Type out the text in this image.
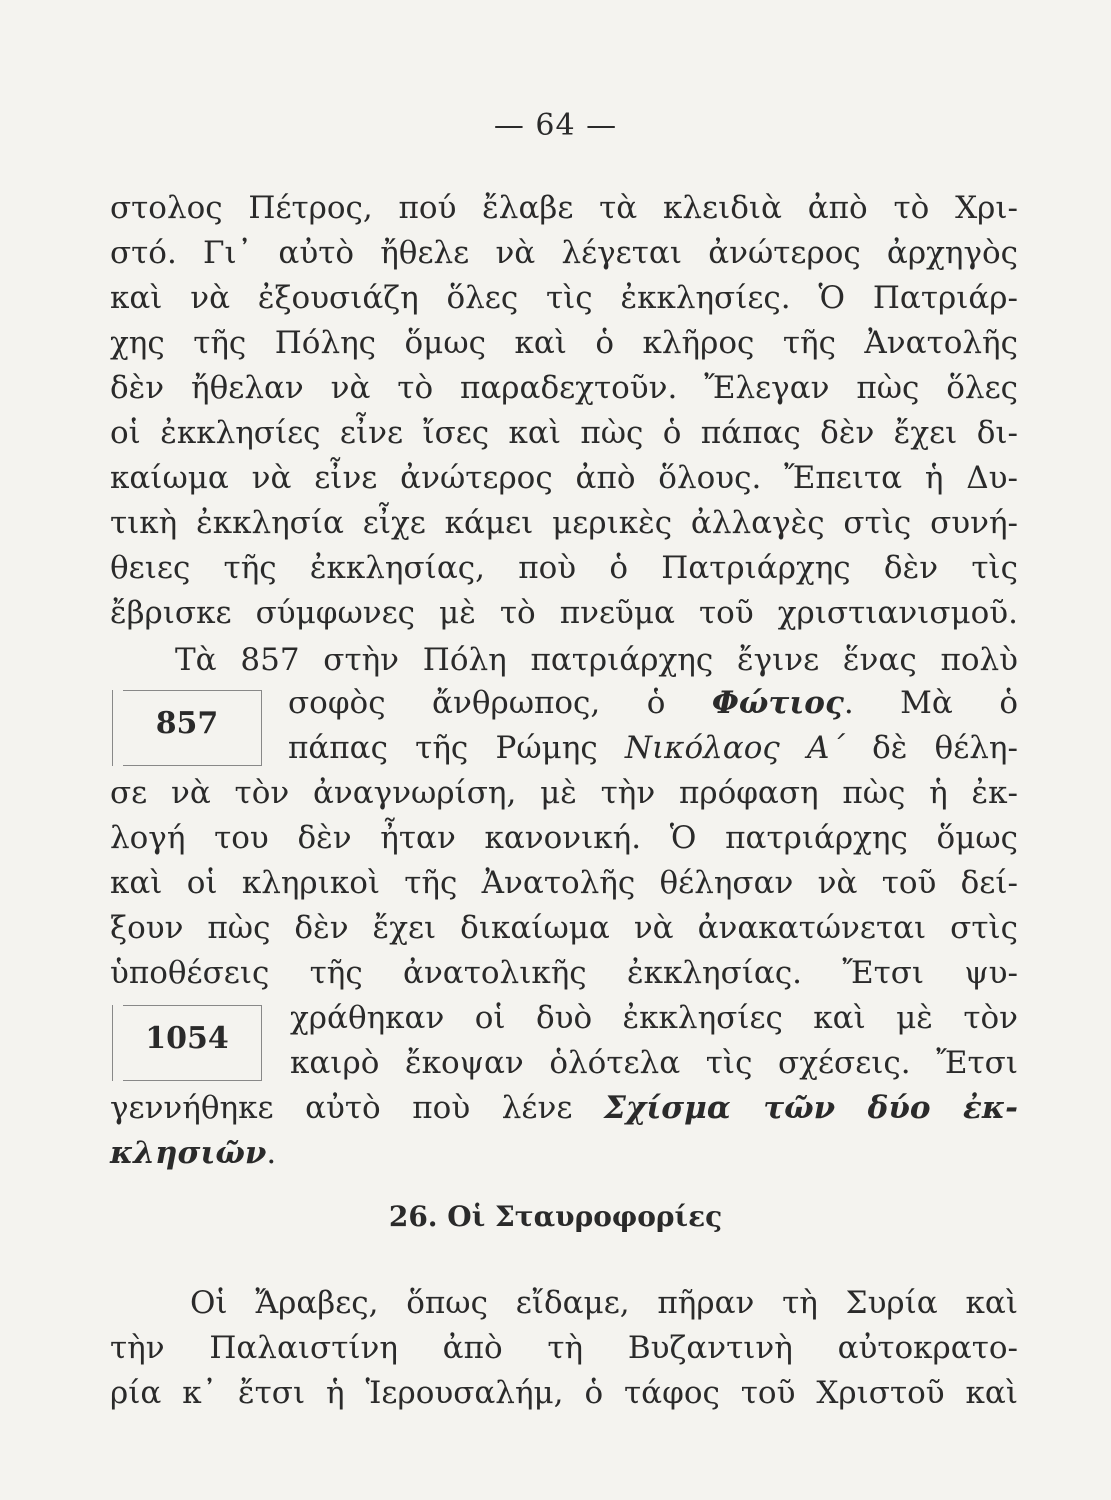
— 64 —
στολος Πέτρος, πού ἔλαβε τὰ κλειδιὰ ἀπὸ τὸ Χρι-
στό. Γι᾽ αὐτὸ ἤθελε νὰ λέγεται ἀνώτερος ἀρχηγὸς
καὶ νὰ ἐξουσιάζη ὅλες τὶς ἐκκλησίες. Ὁ Πατριάρ-
χης τῆς Πόλης ὅμως καὶ ὁ κλῆρος τῆς Ἀνατολῆς
δὲν ἤθελαν νὰ τὸ παραδεχτοῦν. Ἔλεγαν πὼς ὅλες
οἱ ἐκκλησίες εἶνε ἴσες καὶ πὼς ὁ πάπας δὲν ἔχει δι-
καίωμα νὰ εἶνε ἀνώτερος ἀπὸ ὅλους. Ἔπειτα ἡ Δυ-
τικὴ ἐκκλησία εἶχε κάμει μερικὲς ἀλλαγὲς στὶς συνή-
θειες τῆς ἐκκλησίας, ποὺ ὁ Πατριάρχης δὲν τὶς
ἔβρισκε σύμφωνες μὲ τὸ πνεῦμα τοῦ χριστιανισμοῦ.
Τὰ 857 στὴν Πόλη πατριάρχης ἔγινε ἕνας πολὺ
857
σοφὸς ἄνθρωπος, ὁ Φώτιος. Μὰ ὁ
πάπας τῆς Ρώμης Νικόλαος Α΄ δὲ θέλη-
σε νὰ τὸν ἀναγνωρίση, μὲ τὴν πρόφαση πὼς ἡ ἐκ-
λογή του δὲν ἦταν κανονική. Ὁ πατριάρχης ὅμως
καὶ οἱ κληρικοὶ τῆς Ἀνατολῆς θέλησαν νὰ τοῦ δεί-
ξουν πὼς δὲν ἔχει δικαίωμα νὰ ἀνακατώνεται στὶς
ὑποθέσεις τῆς ἀνατολικῆς ἐκκλησίας. Ἔτσι ψυ-
1054
χράθηκαν οἱ δυὸ ἐκκλησίες καὶ μὲ τὸν
καιρὸ ἔκοψαν ὁλότελα τὶς σχέσεις. Ἔτσι
γεννήθηκε αὐτὸ ποὺ λένε Σχίσμα τῶν δύο ἐκ-
κλησιῶν.
26. Οἱ Σταυροφορίες
Οἱ Ἄραβες, ὅπως εἴδαμε, πῆραν τὴ Συρία καὶ
τὴν Παλαιστίνη ἀπὸ τὴ Βυζαντινὴ αὐτοκρατο-
ρία κ᾽ ἔτσι ἡ Ἱερουσαλήμ, ὁ τάφος τοῦ Χριστοῦ καὶ
